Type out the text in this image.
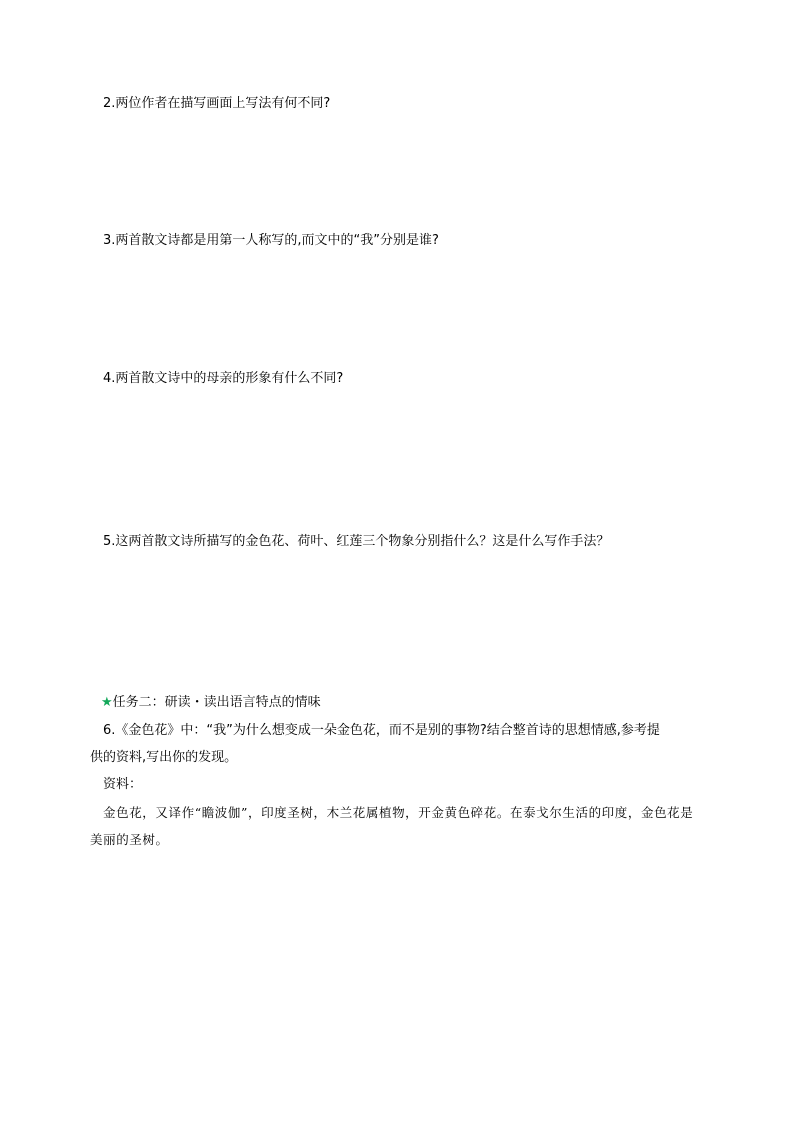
2.两位作者在描写画面上写法有何不同?
3.两首散文诗都是用第一人称写的,而文中的“我”分别是谁?
4.两首散文诗中的母亲的形象有什么不同?
5.这两首散文诗所描写的金色花、荷叶、红莲三个物象分别指什么？这是什么写作手法？
★任务二：研读・读出语言特点的情味
6.《金色花》中：“我”为什么想变成一朵金色花，而不是别的事物?结合整首诗的思想情感,参考提
供的资料,写出你的发现。
资料：
金色花，又译作“瞻波伽”，印度圣树，木兰花属植物，开金黄色碎花。在泰戈尔生活的印度，金色花是
美丽的圣树。
